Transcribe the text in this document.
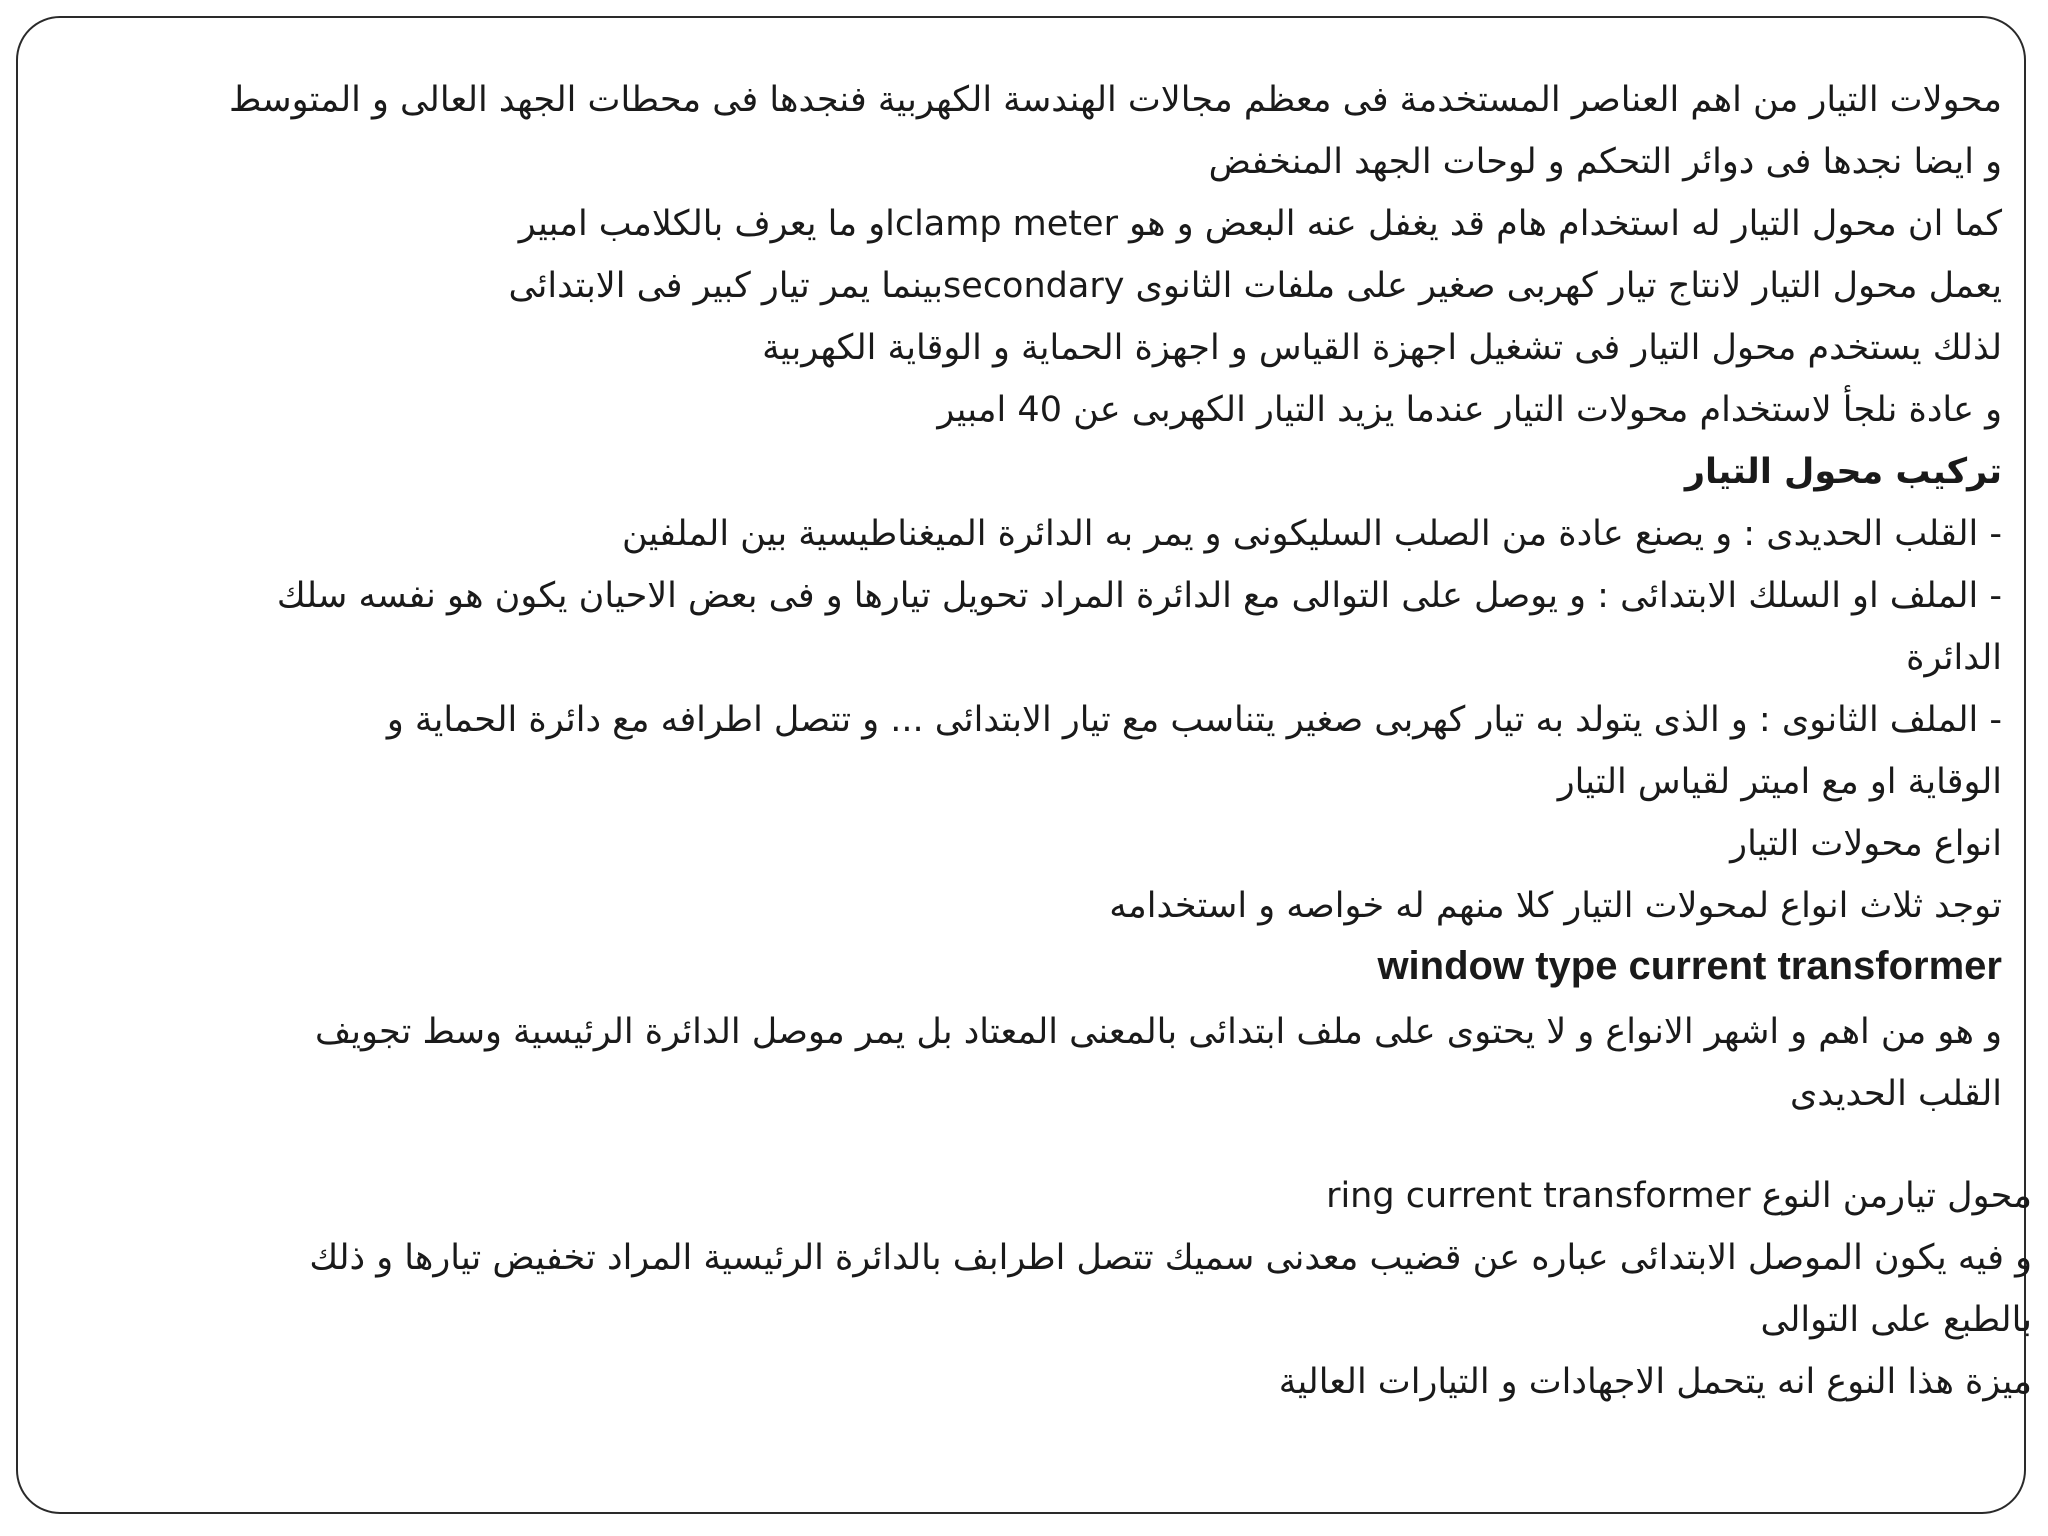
محولات التيار من اهم العناصر المستخدمة فى معظم مجالات الهندسة الكهربية فنجدها فى محطات الجهد العالى و المتوسط
و ايضا نجدها فى دوائر التحكم و لوحات الجهد المنخفض
كما ان محول التيار له استخدام هام قد يغفل عنه البعض و هو clamp meterاو ما يعرف بالكلامب امبير
يعمل محول التيار لانتاج تيار كهربى صغير على ملفات الثانوى secondaryبينما يمر تيار كبير فى الابتدائى
لذلك يستخدم محول التيار فى تشغيل اجهزة القياس و اجهزة الحماية و الوقاية الكهربية
و عادة نلجأ لاستخدام محولات التيار عندما يزيد التيار الكهربى عن 40 امبير
تركيب محول التيار
- القلب الحديدى : و يصنع عادة من الصلب السليكونى و يمر به الدائرة الميغناطيسية بين الملفين
- الملف او السلك الابتدائى : و يوصل على التوالى مع الدائرة المراد تحويل تيارها و فى بعض الاحيان يكون هو نفسه سلك
الدائرة
- الملف الثانوى : و الذى يتولد به تيار كهربى صغير يتناسب مع تيار الابتدائى ... و تتصل اطرافه مع دائرة الحماية و
الوقاية او مع اميتر لقياس التيار
انواع محولات التيار
توجد ثلاث انواع لمحولات التيار كلا منهم له خواصه و استخدامه
window type current transformer
و هو من اهم و اشهر الانواع و لا يحتوى على ملف ابتدائى بالمعنى المعتاد بل يمر موصل الدائرة الرئيسية وسط تجويف
القلب الحديدى
محول تيارمن النوع ring current transformer
و فيه يكون الموصل الابتدائى عباره عن قضيب معدنى سميك تتصل اطرابف بالدائرة الرئيسية المراد تخفيض تيارها و ذلك
بالطبع على التوالى
ميزة هذا النوع انه يتحمل الاجهادات و التيارات العالية
